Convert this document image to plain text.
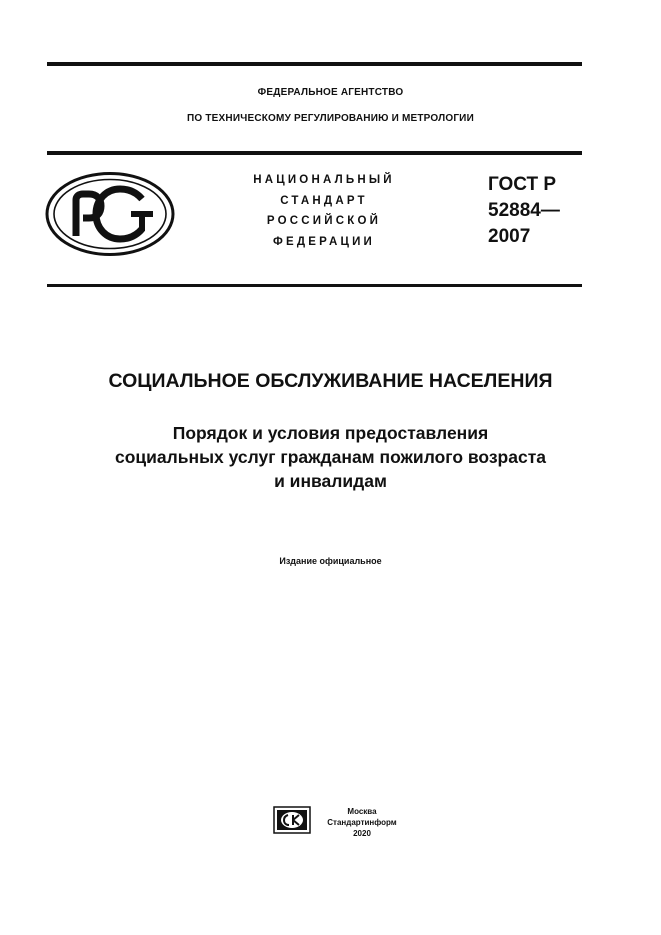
ФЕДЕРАЛЬНОЕ АГЕНТСТВО
ПО ТЕХНИЧЕСКОМУ РЕГУЛИРОВАНИЮ И МЕТРОЛОГИИ
НАЦИОНАЛЬНЫЙ
СТАНДАРТ
РОССИЙСКОЙ
ФЕДЕРАЦИИ
ГОСТ Р
52884—
2007
СОЦИАЛЬНОЕ ОБСЛУЖИВАНИЕ НАСЕЛЕНИЯ
Порядок и условия предоставления
социальных услуг гражданам пожилого возраста
и инвалидам
Издание официальное
Москва
Стандартинформ
2020
